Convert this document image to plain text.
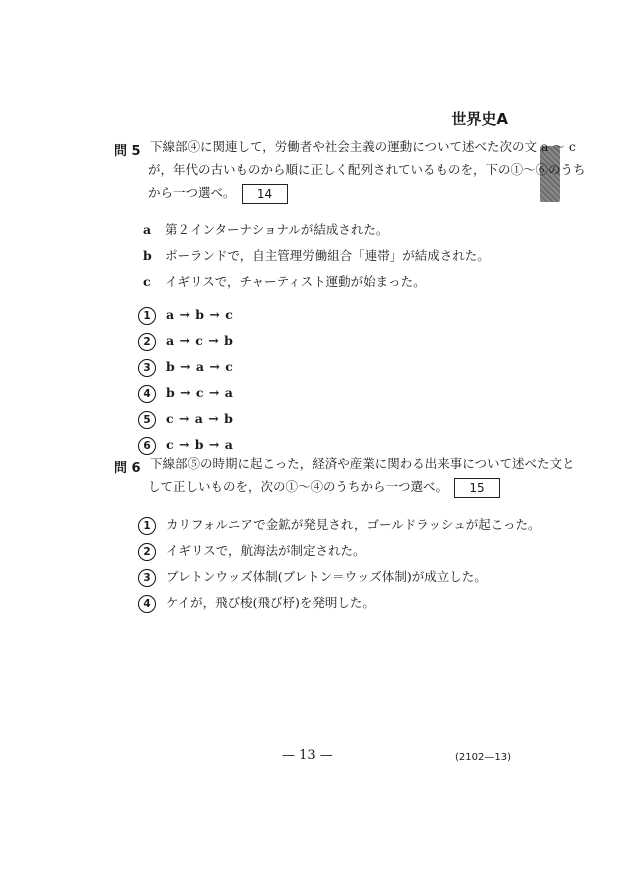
世界史A
問 5 下線部④に関連して，労働者や社会主義の運動について述べた次の文 a ～ c
が，年代の古いものから順に正しく配列されているものを，下の①～⑥のうち
から一つ選べ。 14
a 第２インターナショナルが結成された。
b ポーランドで，自主管理労働組合「連帯」が結成された。
c イギリスで，チャーティスト運動が始まった。
1 a → b → c
2 a → c → b
3 b → a → c
4 b → c → a
5 c → a → b
6 c → b → a
問 6 下線部⑤の時期に起こった，経済や産業に関わる出来事について述べた文と
して正しいものを，次の①～④のうちから一つ選べ。 15
1 カリフォルニアで金鉱が発見され，ゴールドラッシュが起こった。
2 イギリスで，航海法が制定された。
3 ブレトンウッズ体制(ブレトン＝ウッズ体制)が成立した。
4 ケイが，飛び梭(飛び杼)を発明した。
— 13 —	(2102—13)
